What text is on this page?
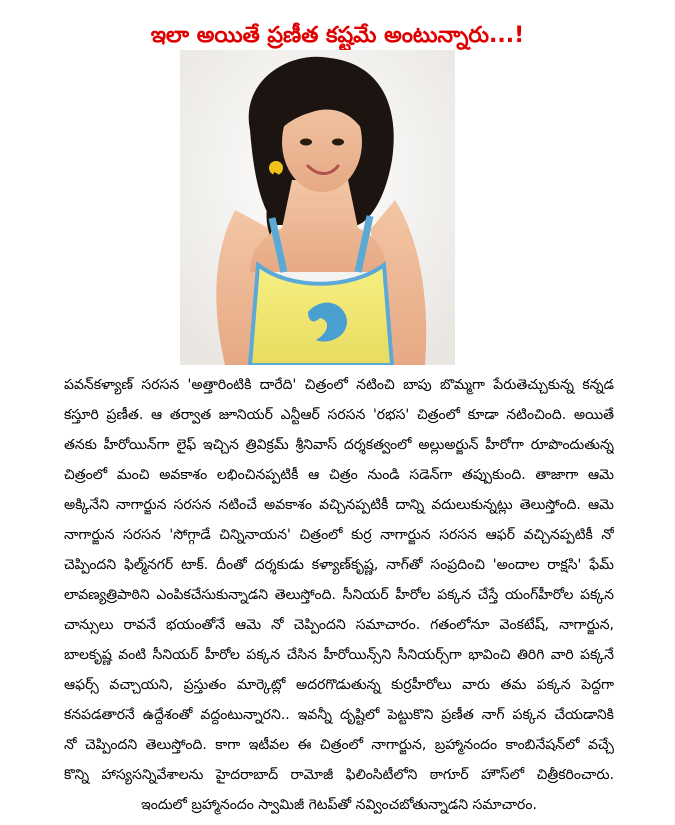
ఇలా అయితే ప్రణీత కష్టమే అంటున్నారు...!
పవన్‌కళ్యాణ్ సరసన 'అత్తారింటికి దారేది' చిత్రంలో నటించి బాపు బొమ్మగా పేరుతెచ్చుకున్న కన్నడ
కస్తూరి ప్రణీత. ఆ తర్వాత జూనియర్ ఎన్టీఆర్ సరసన 'రభస' చిత్రంలో కూడా నటించింది. అయితే
తనకు హీరోయిన్‌గా లైఫ్ ఇచ్చిన త్రివిక్రమ్ శ్రీనివాస్ దర్శకత్వంలో అల్లుఅర్జున్ హీరోగా రూపొందుతున్న
చిత్రంలో మంచి అవకాశం లభించినప్పటికీ ఆ చిత్రం నుండి సడెన్‌గా తప్పుకుంది. తాజాగా ఆమె
అక్కినేని నాగార్జున సరసన నటించే అవకాశం వచ్చినప్పటికీ దాన్ని వదులుకున్నట్లు తెలుస్తోంది. ఆమె
నాగార్జున సరసన 'సోగ్గాడే చిన్నినాయన' చిత్రంలో కుర్ర నాగార్జున సరసన ఆఫర్ వచ్చినప్పటికీ నో
చెప్పిందని ఫిల్మ్‌నగర్ టాక్. దీంతో దర్శకుడు కళ్యాణ్‌కృష్ణ, నాగ్‌తో సంప్రదించి 'అందాల రాక్షసి' ఫేమ్
లావణ్యత్రిపాఠిని ఎంపికచేసుకున్నాడని తెలుస్తోంది. సీనియర్ హీరోల పక్కన చేస్తే యంగ్‌హీరోల పక్కన
చాన్సులు రావనే భయంతోనే ఆమె నో చెప్పిందని సమాచారం. గతంలోనూ వెంకటేష్, నాగార్జున,
బాలకృష్ణ వంటి సీనియర్ హీరోల పక్కన చేసిన హీరోయిన్స్‌ని సీనియర్స్‌గా భావించి తిరిగి వారి పక్కనే
ఆఫర్స్ వచ్చాయని, ప్రస్తుతం మార్కెట్లో అదరగొడుతున్న కుర్రహీరోలు వారు తమ పక్కన పెద్దగా
కనపడతారనే ఉద్దేశంతో వద్దంటున్నారని.. ఇవన్నీ దృష్టిలో పెట్టుకొని ప్రణీత నాగ్ పక్కన చేయడానికి
నో చెప్పిందని తెలుస్తోంది. కాగా ఇటీవల ఈ చిత్రంలో నాగార్జున, బ్రహ్మానందం కాంబినేషన్‌లో వచ్చే
కొన్ని హాస్యసన్నివేశాలను హైదరాబాద్ రామోజీ ఫిలింసిటీలోని ఠాగూర్ హౌస్‌లో చిత్రీకరించారు.
ఇందులో బ్రహ్మానందం స్వామిజీ గెటప్‌తో నవ్వించబోతున్నాడని సమాచారం.
